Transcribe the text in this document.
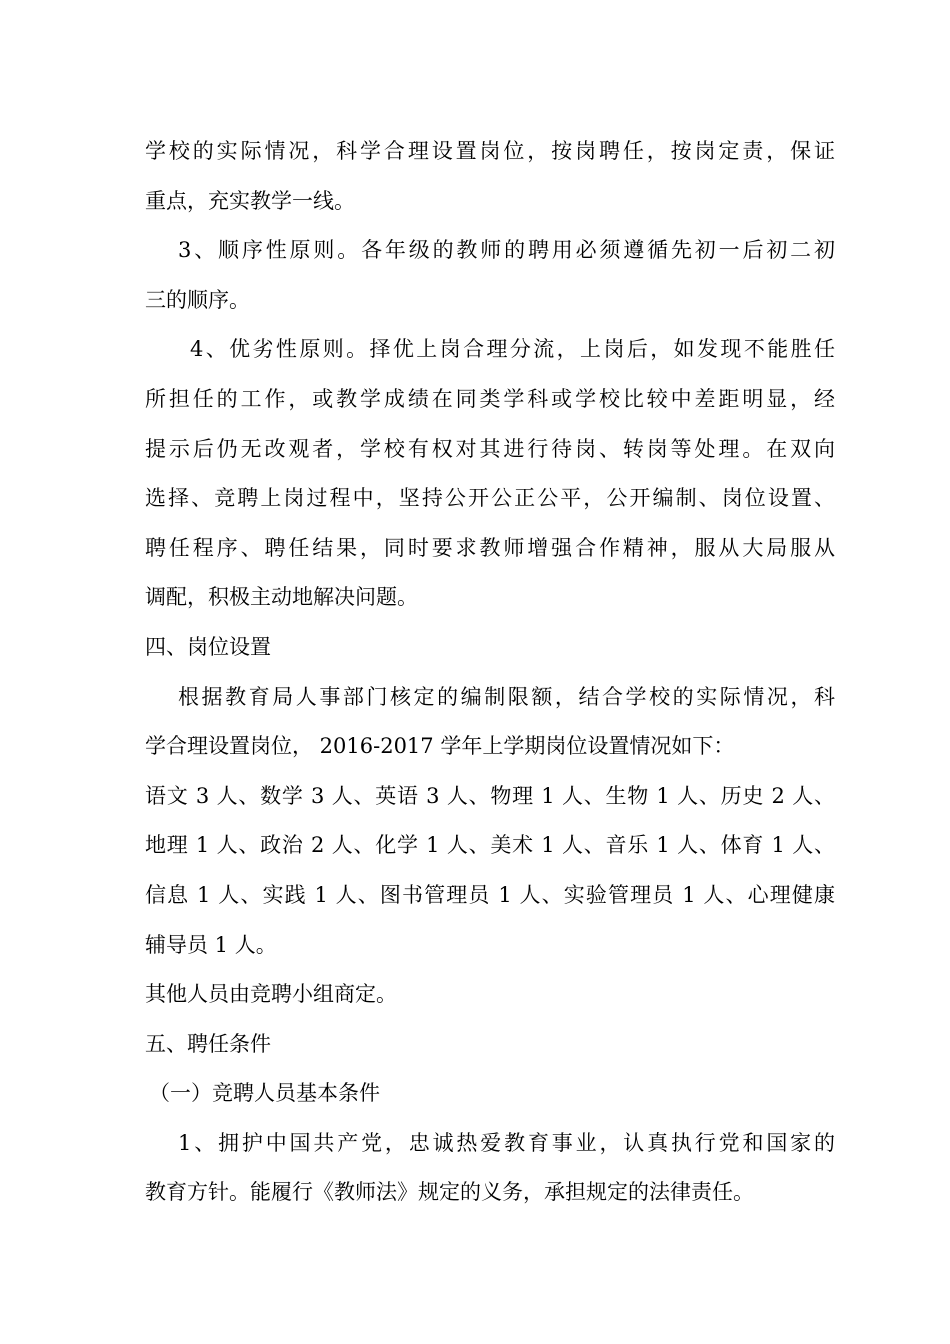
学校的实际情况，科学合理设置岗位，按岗聘任，按岗定责，保证

重点，充实教学一线。

3、顺序性原则。各年级的教师的聘用必须遵循先初一后初二初

三的顺序。

4、优劣性原则。择优上岗合理分流，上岗后，如发现不能胜任

所担任的工作，或教学成绩在同类学科或学校比较中差距明显，经

提示后仍无改观者，学校有权对其进行待岗、转岗等处理。在双向

选择、竞聘上岗过程中，坚持公开公正公平，公开编制、岗位设置、

聘任程序、聘任结果，同时要求教师增强合作精神，服从大局服从

调配，积极主动地解决问题。

四、岗位设置

根据教育局人事部门核定的编制限额，结合学校的实际情况，科

学合理设置岗位， 2016-2017 学年上学期岗位设置情况如下：

语文 3 人、数学 3 人、英语 3 人、物理 1 人、生物 1 人、历史 2 人、

地理 1 人、政治 2 人、化学 1 人、美术 1 人、音乐 1 人、体育 1 人、

信息 1 人、实践 1 人、图书管理员 1 人、实验管理员 1 人、心理健康

辅导员 1 人。

其他人员由竞聘小组商定。

五、聘任条件

（一）竞聘人员基本条件

1、拥护中国共产党，忠诚热爱教育事业，认真执行党和国家的

教育方针。能履行《教师法》规定的义务，承担规定的法律责任。
